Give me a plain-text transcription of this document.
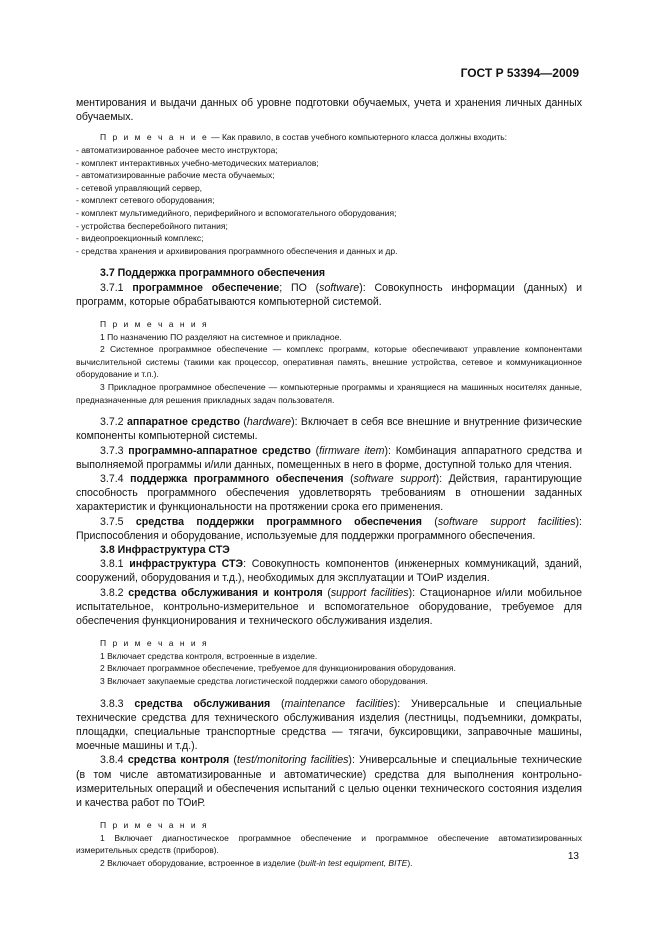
ГОСТ Р 53394—2009

ментирования и выдачи данных об уровне подготовки обучаемых, учета и хранения личных данных обучаемых.

П р и м е ч а н и е — Как правило, в состав учебного компьютерного класса должны входить:

- автоматизированное рабочее место инструктора;
- комплект интерактивных учебно-методических материалов;
- автоматизированные рабочие места обучаемых;
- сетевой управляющий сервер,
- комплект сетевого оборудования;
- комплект мультимедийного, периферийного и вспомогательного оборудования;
- устройства бесперебойного питания;
- видеопроекционный комплекс;
- средства хранения и архивирования программного обеспечения и данных и др.

3.7 Поддержка программного обеспечения

3.7.1 программное обеспечение; ПО (software): Совокупность информации (данных) и программ, которые обрабатываются компьютерной системой.

П р и м е ч а н и я

1 По назначению ПО разделяют на системное и прикладное.

2 Системное программное обеспечение — комплекс программ, которые обеспечивают управление компонентами вычислительной системы (такими как процессор, оперативная память, внешние устройства, сетевое и коммуникационное оборудование и т.п.).

3 Прикладное программное обеспечение — компьютерные программы и хранящиеся на машинных носителях данные, предназначенные для решения прикладных задач пользователя.

3.7.2 аппаратное средство (hardware): Включает в себя все внешние и внутренние физические компоненты компьютерной системы.

3.7.3 программно-аппаратное средство (firmware item): Комбинация аппаратного средства и выполняемой программы и/или данных, помещенных в него в форме, доступной только для чтения.

3.7.4 поддержка программного обеспечения (software support): Действия, гарантирующие способность программного обеспечения удовлетворять требованиям в отношении заданных характеристик и функциональности на протяжении срока его применения.

3.7.5 средства поддержки программного обеспечения (software support facilities): Приспособления и оборудование, используемые для поддержки программного обеспечения.

3.8 Инфраструктура СТЭ

3.8.1 инфраструктура СТЭ: Совокупность компонентов (инженерных коммуникаций, зданий, сооружений, оборудования и т.д.), необходимых для эксплуатации и ТОиР изделия.

3.8.2 средства обслуживания и контроля (support facilities): Стационарное и/или мобильное испытательное, контрольно-измерительное и вспомогательное оборудование, требуемое для обеспечения функционирования и технического обслуживания изделия.

П р и м е ч а н и я

1 Включает средства контроля, встроенные в изделие.

2 Включает программное обеспечение, требуемое для функционирования оборудования.

3 Включает закупаемые средства логистической поддержки самого оборудования.

3.8.3 средства обслуживания (maintenance facilities): Универсальные и специальные технические средства для технического обслуживания изделия (лестницы, подъемники, домкраты, площадки, специальные транспортные средства — тягачи, буксировщики, заправочные машины, моечные машины и т.д.).

3.8.4 средства контроля (test/monitoring facilities): Универсальные и специальные технические (в том числе автоматизированные и автоматические) средства для выполнения контрольно-измерительных операций и обеспечения испытаний с целью оценки технического состояния изделия и качества работ по ТОиР.

П р и м е ч а н и я

1 Включает диагностическое программное обеспечение и программное обеспечение автоматизированных измерительных средств (приборов).

2 Включает оборудование, встроенное в изделие (built-in test equipment, BITE).

13
